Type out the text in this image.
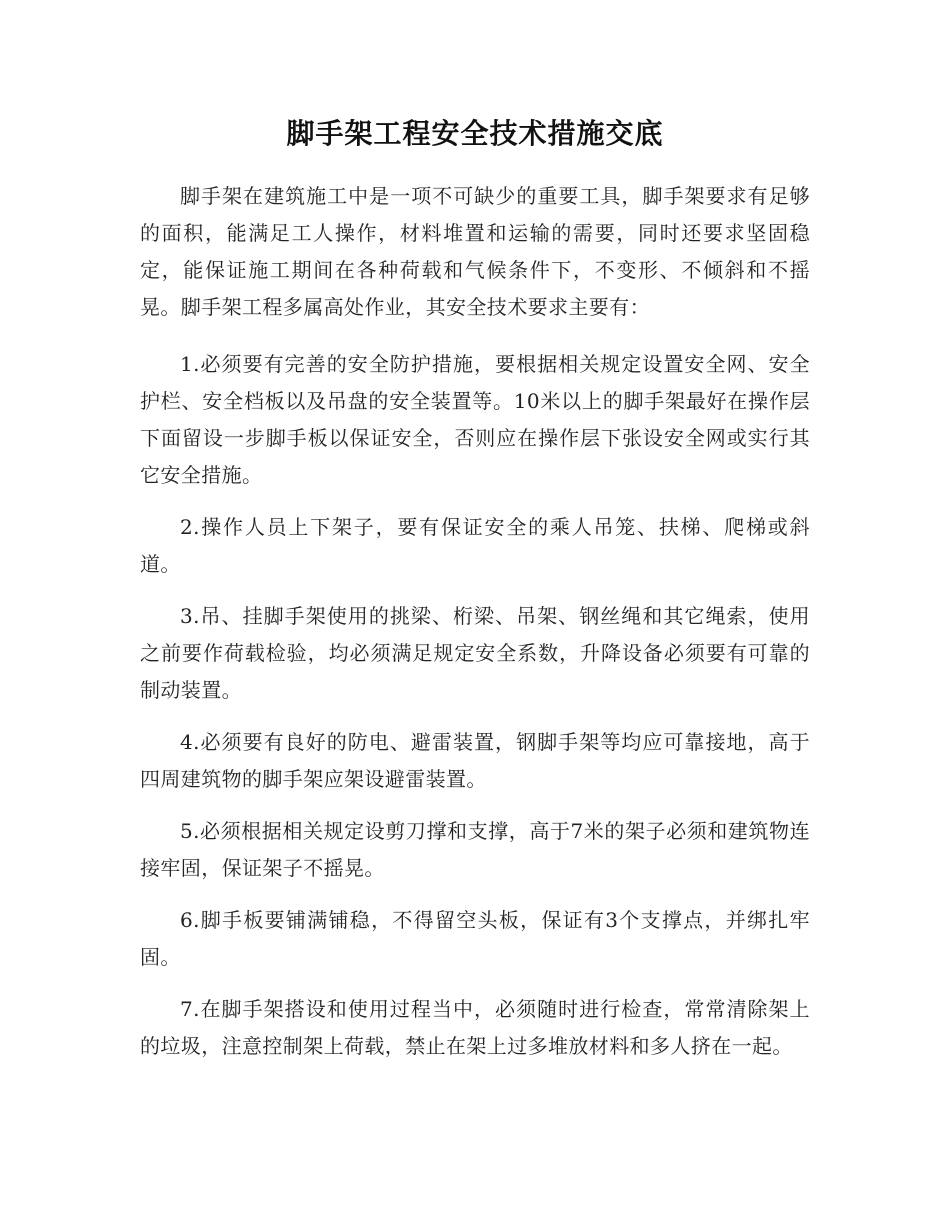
脚手架工程安全技术措施交底

脚手架在建筑施工中是一项不可缺少的重要工具，脚手架要求有足够的面积，能满足工人操作，材料堆置和运输的需要，同时还要求坚固稳定，能保证施工期间在各种荷载和气候条件下，不变形、不倾斜和不摇晃。脚手架工程多属高处作业，其安全技术要求主要有：

1.必须要有完善的安全防护措施，要根据相关规定设置安全网、安全护栏、安全档板以及吊盘的安全装置等。10米以上的脚手架最好在操作层下面留设一步脚手板以保证安全，否则应在操作层下张设安全网或实行其它安全措施。

2.操作人员上下架子，要有保证安全的乘人吊笼、扶梯、爬梯或斜道。

3.吊、挂脚手架使用的挑梁、桁梁、吊架、钢丝绳和其它绳索，使用之前要作荷载检验，均必须满足规定安全系数，升降设备必须要有可靠的制动装置。

4.必须要有良好的防电、避雷装置，钢脚手架等均应可靠接地，高于四周建筑物的脚手架应架设避雷装置。

5.必须根据相关规定设剪刀撑和支撑，高于7米的架子必须和建筑物连接牢固，保证架子不摇晃。

6.脚手板要铺满铺稳，不得留空头板，保证有3个支撑点，并绑扎牢固。

7.在脚手架搭设和使用过程当中，必须随时进行检查，常常清除架上的垃圾，注意控制架上荷载，禁止在架上过多堆放材料和多人挤在一起。
